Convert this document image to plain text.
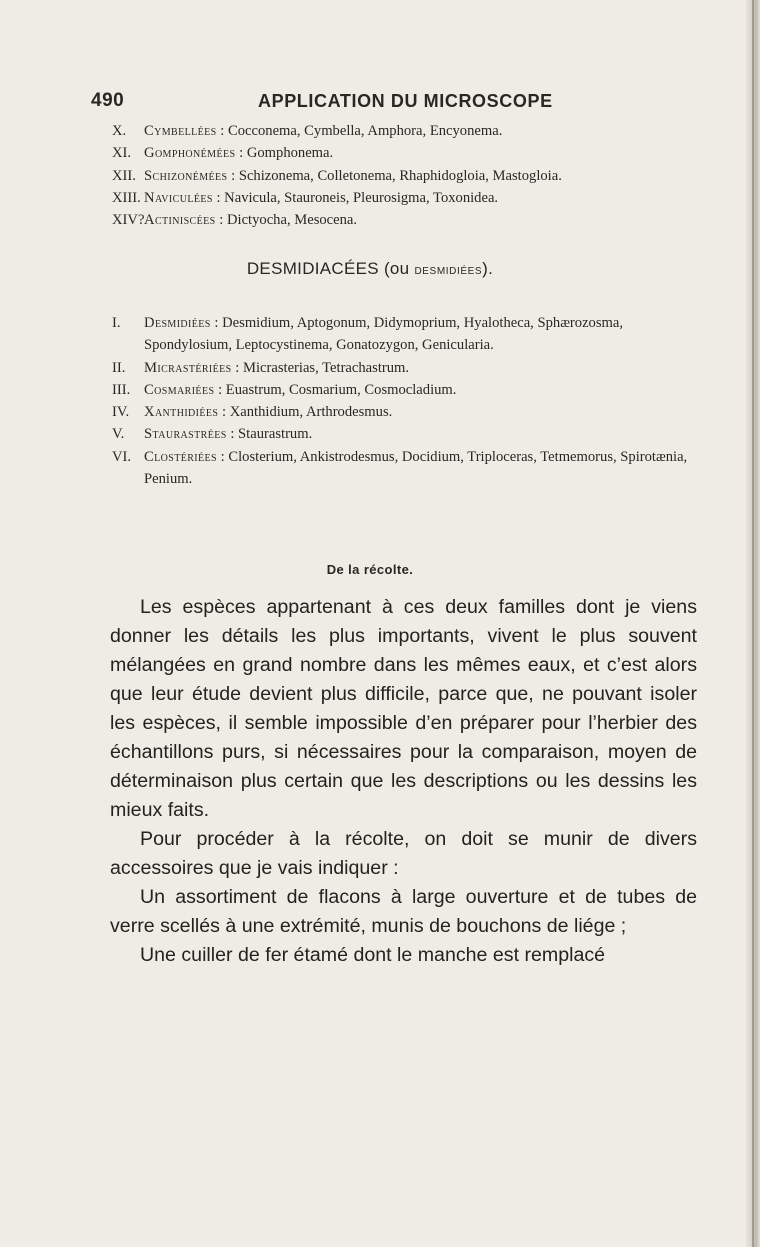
490	APPLICATION DU MICROSCOPE
X. Cymbellées : Cocconema, Cymbella, Amphora, Encyonema.
XI. Gomphonémées : Gomphonema.
XII. Schizonémées : Schizonema, Colletonema, Rhaphidogloia, Mastogloia.
XIII. Naviculées : Navicula, Stauroneis, Pleurosigma, Toxonidea.
XIV?Actiniscées : Dictyocha, Mesocena.
DESMIDIACÉES (ou desmidiées).
I. Desmidiées : Desmidium, Aptogonum, Didymoprium, Hyalotheca, Sphærozosma, Spondylosium, Leptocystinema, Gonatozygon, Genicularia.
II. Micrastériées : Micrasterias, Tetrachastrum.
III. Cosmariées : Euastrum, Cosmarium, Cosmocladium.
IV. Xanthidiées : Xanthidium, Arthrodesmus.
V. Staurastrées : Staurastrum.
VI. Clostériées : Closterium, Ankistrodesmus, Docidium, Triploceras, Tetmemorus, Spirotænia, Penium.
De la récolte.

Les espèces appartenant à ces deux familles dont je viens donner les détails les plus importants, vivent le plus souvent mélangées en grand nombre dans les mêmes eaux, et c’est alors que leur étude devient plus difficile, parce que, ne pouvant isoler les espèces, il semble impossible d’en préparer pour l’herbier des échantillons purs, si nécessaires pour la comparaison, moyen de déterminaison plus certain que les descriptions ou les dessins les mieux faits.

Pour procéder à la récolte, on doit se munir de divers accessoires que je vais indiquer :

Un assortiment de flacons à large ouverture et de tubes de verre scellés à une extrémité, munis de bouchons de liége ;

Une cuiller de fer étamé dont le manche est remplacé
